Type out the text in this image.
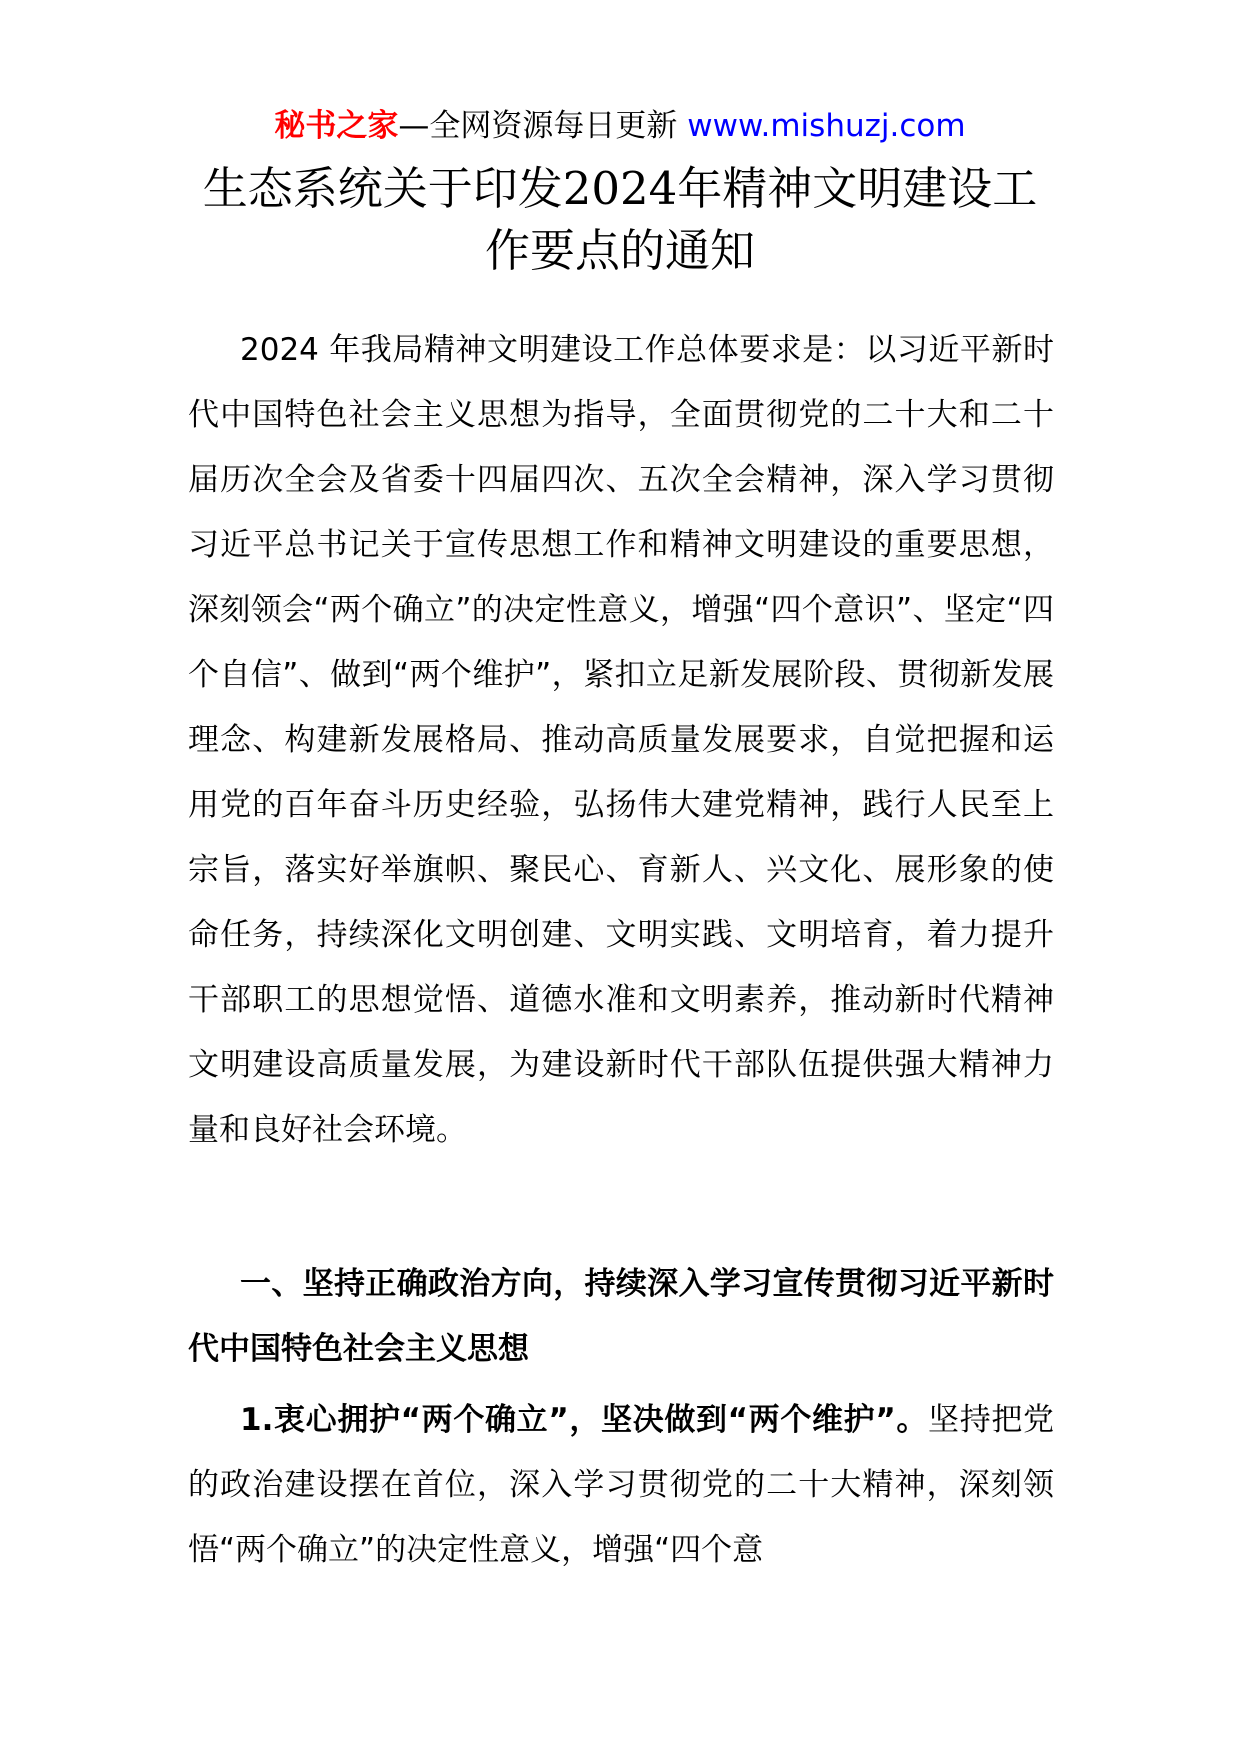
秘书之家—全网资源每日更新 www.mishuzj.com
生态系统关于印发2024年精神文明建设工
作要点的通知

2024 年我局精神文明建设工作总体要求是：以习近平新时代中国特色社会主义思想为指导，全面贯彻党的二十大和二十届历次全会及省委十四届四次、五次全会精神，深入学习贯彻习近平总书记关于宣传思想工作和精神文明建设的重要思想，深刻领会“两个确立”的决定性意义，增强“四个意识”、坚定“四个自信”、做到“两个维护”，紧扣立足新发展阶段、贯彻新发展理念、构建新发展格局、推动高质量发展要求，自觉把握和运用党的百年奋斗历史经验，弘扬伟大建党精神，践行人民至上宗旨，落实好举旗帜、聚民心、育新人、兴文化、展形象的使命任务，持续深化文明创建、文明实践、文明培育，着力提升干部职工的思想觉悟、道德水准和文明素养，推动新时代精神文明建设高质量发展，为建设新时代干部队伍提供强大精神力量和良好社会环境。

一、坚持正确政治方向，持续深入学习宣传贯彻习近平新时代中国特色社会主义思想

1.衷心拥护“两个确立”，坚决做到“两个维护”。坚持把党的政治建设摆在首位，深入学习贯彻党的二十大精神，深刻领悟“两个确立”的决定性意义，增强“四个意
